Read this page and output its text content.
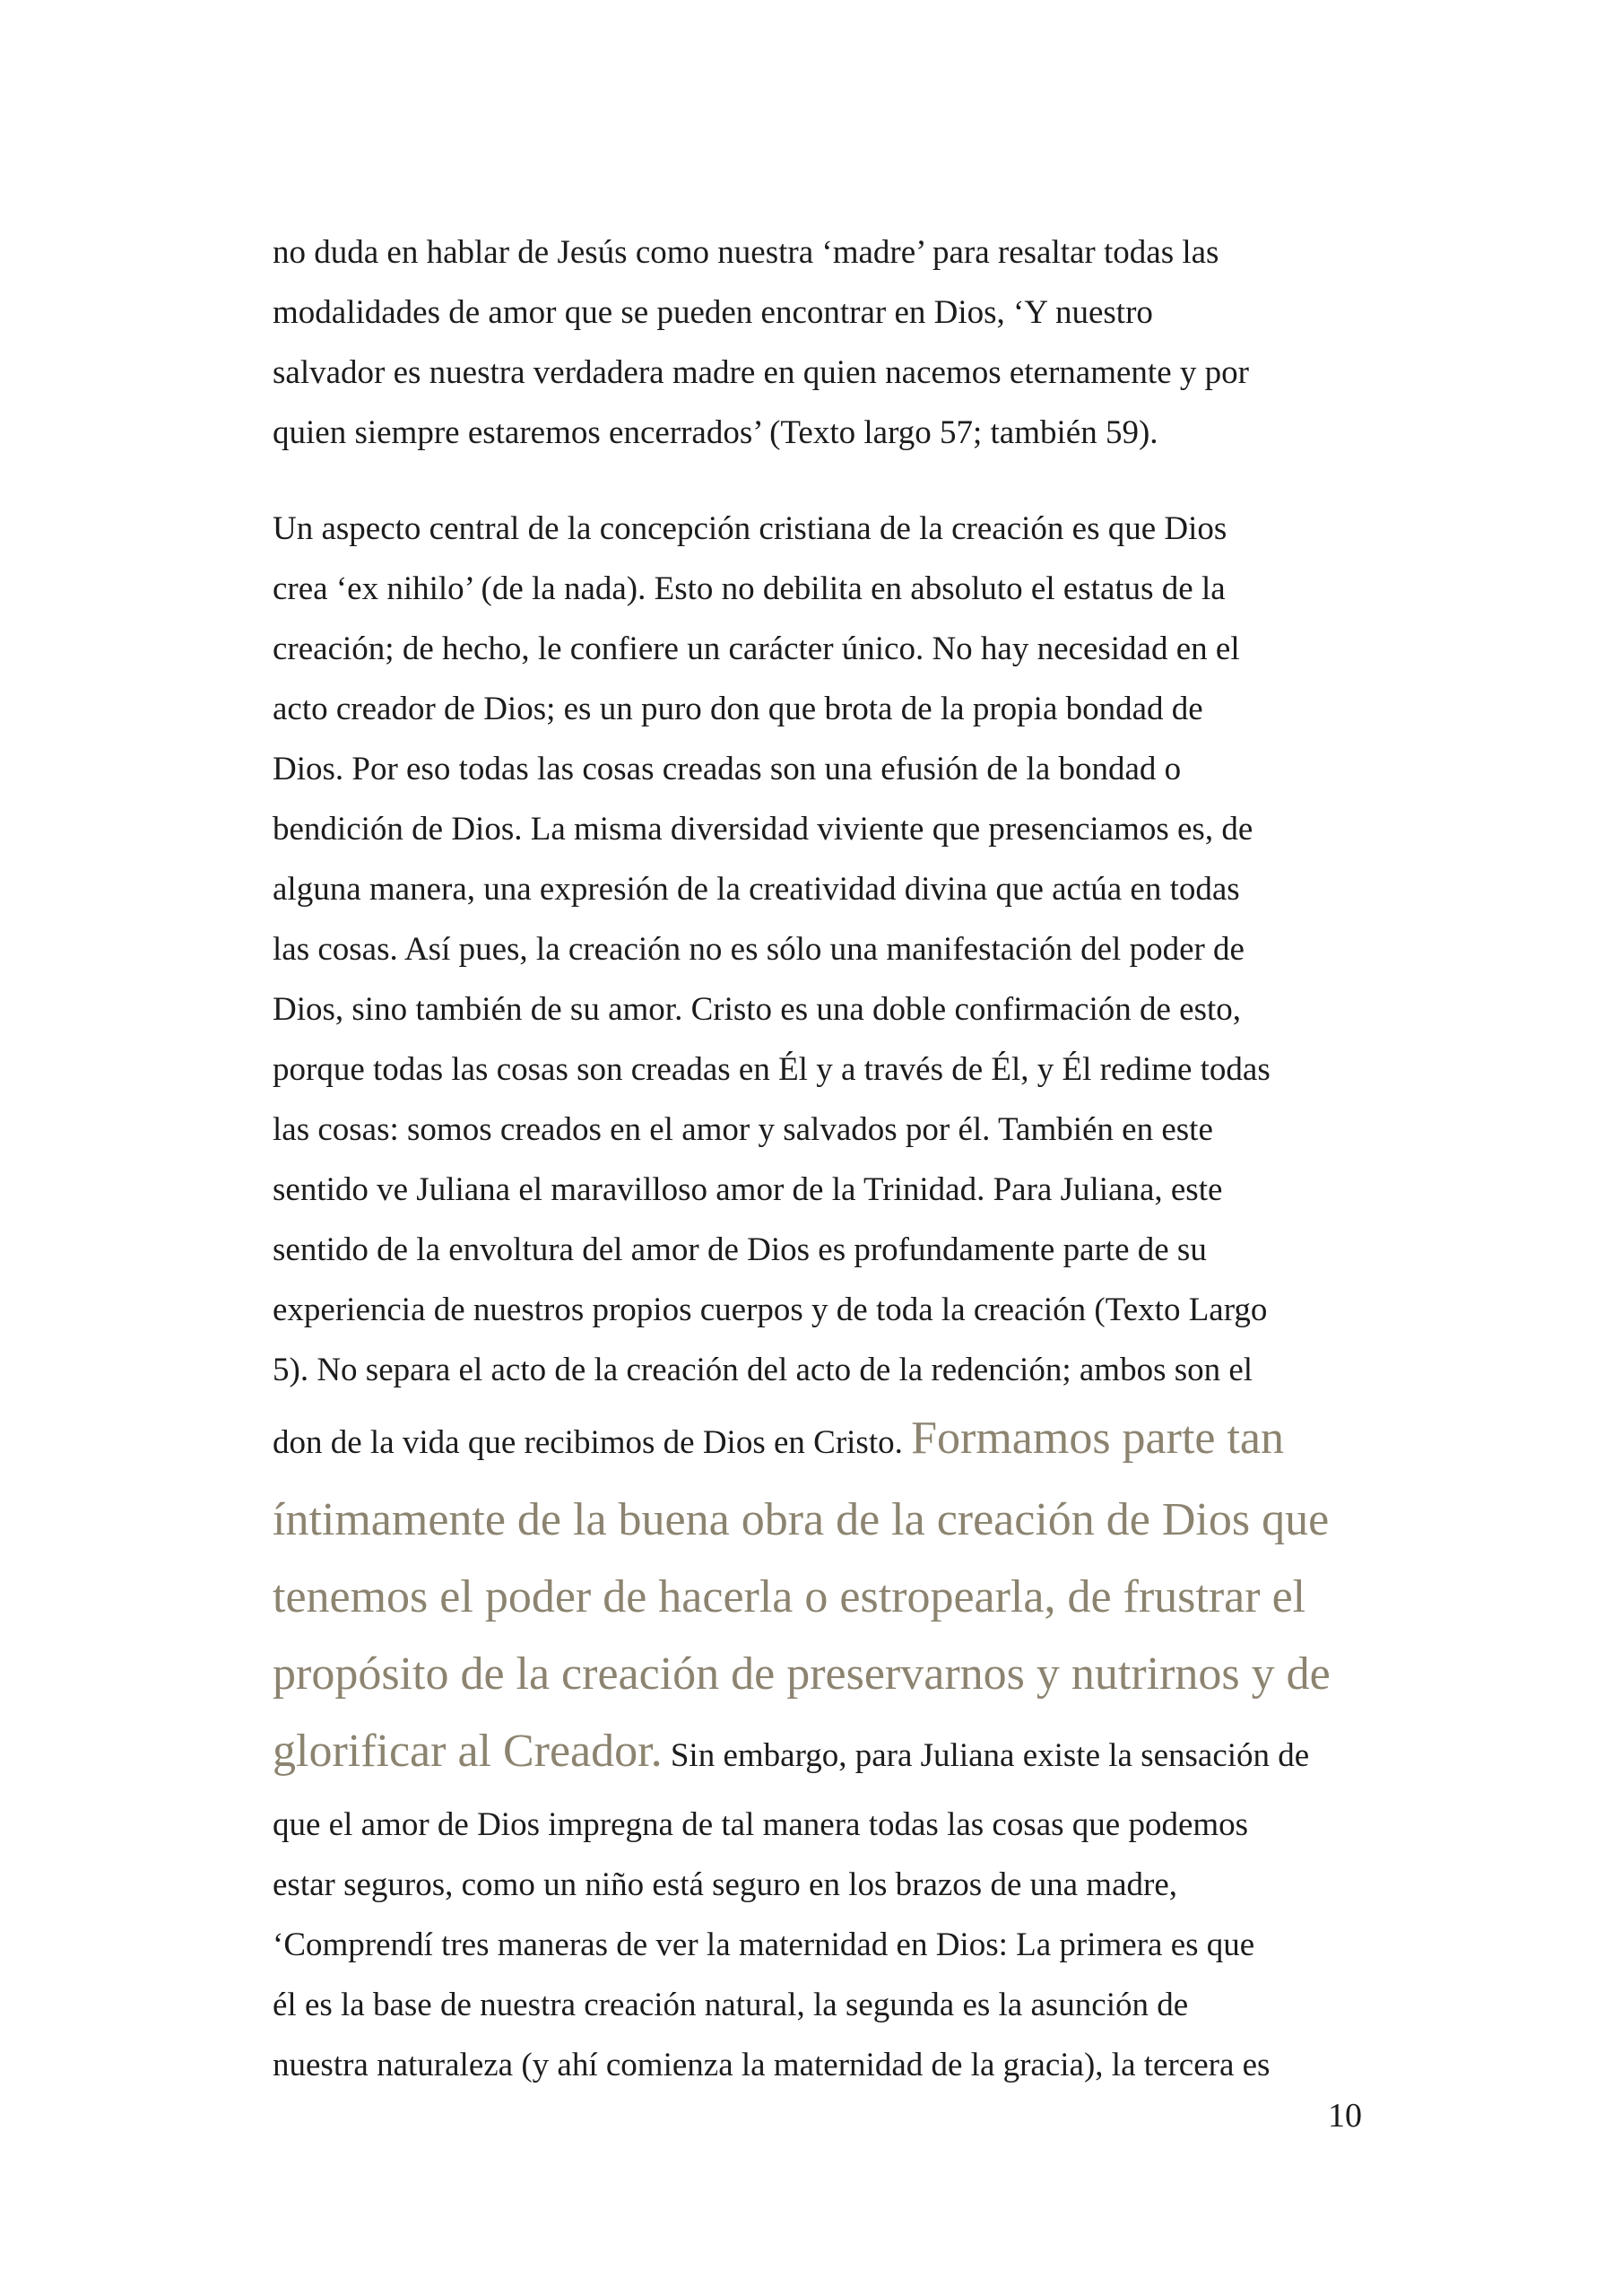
no duda en hablar de Jesús como nuestra ‘madre’ para resaltar todas las
modalidades de amor que se pueden encontrar en Dios, ‘Y nuestro
salvador es nuestra verdadera madre en quien nacemos eternamente y por
quien siempre estaremos encerrados’ (Texto largo 57; también 59).
Un aspecto central de la concepción cristiana de la creación es que Dios
crea ‘ex nihilo’ (de la nada). Esto no debilita en absoluto el estatus de la
creación; de hecho, le confiere un carácter único. No hay necesidad en el
acto creador de Dios; es un puro don que brota de la propia bondad de
Dios. Por eso todas las cosas creadas son una efusión de la bondad o
bendición de Dios. La misma diversidad viviente que presenciamos es, de
alguna manera, una expresión de la creatividad divina que actúa en todas
las cosas. Así pues, la creación no es sólo una manifestación del poder de
Dios, sino también de su amor. Cristo es una doble confirmación de esto,
porque todas las cosas son creadas en Él y a través de Él, y Él redime todas
las cosas: somos creados en el amor y salvados por él. También en este
sentido ve Juliana el maravilloso amor de la Trinidad. Para Juliana, este
sentido de la envoltura del amor de Dios es profundamente parte de su
experiencia de nuestros propios cuerpos y de toda la creación (Texto Largo
5). No separa el acto de la creación del acto de la redención; ambos son el
don de la vida que recibimos de Dios en Cristo. Formamos parte tan
íntimamente de la buena obra de la creación de Dios que
tenemos el poder de hacerla o estropearla, de frustrar el
propósito de la creación de preservarnos y nutrirnos y de
glorificar al Creador. Sin embargo, para Juliana existe la sensación de
que el amor de Dios impregna de tal manera todas las cosas que podemos
estar seguros, como un niño está seguro en los brazos de una madre,
‘Comprendí tres maneras de ver la maternidad en Dios: La primera es que
él es la base de nuestra creación natural, la segunda es la asunción de
nuestra naturaleza (y ahí comienza la maternidad de la gracia), la tercera es
10
